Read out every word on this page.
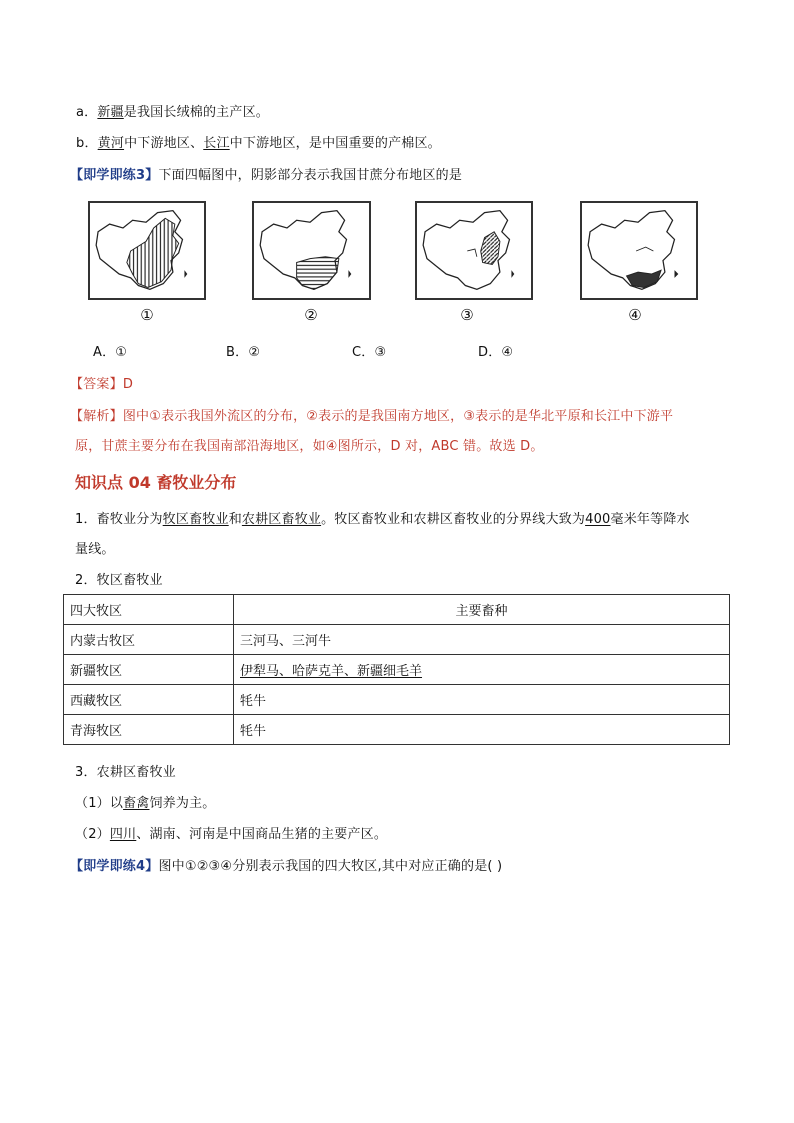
a．新疆是我国长绒棉的主产区。
b．黄河中下游地区、长江中下游地区，是中国重要的产棉区。
【即学即练3】下面四幅图中，阴影部分表示我国甘蔗分布地区的是
①	②	③	④
A．①	B．②	C．③	D．④
【答案】D
【解析】图中①表示我国外流区的分布，②表示的是我国南方地区，③表示的是华北平原和长江中下游平
原，甘蔗主要分布在我国南部沿海地区，如④图所示，D 对，ABC 错。故选 D。
知识点 04 畜牧业分布
1．畜牧业分为牧区畜牧业和农耕区畜牧业。牧区畜牧业和农耕区畜牧业的分界线大致为400毫米年等降水
量线。
2．牧区畜牧业
四大牧区	主要畜种
内蒙古牧区	三河马、三河牛
新疆牧区	伊犁马、哈萨克羊、新疆细毛羊
西藏牧区	牦牛
青海牧区	牦牛
3．农耕区畜牧业
（1）以畜禽饲养为主。
（2）四川、湖南、河南是中国商品生猪的主要产区。
【即学即练4】图中①②③④分别表示我国的四大牧区,其中对应正确的是( )
